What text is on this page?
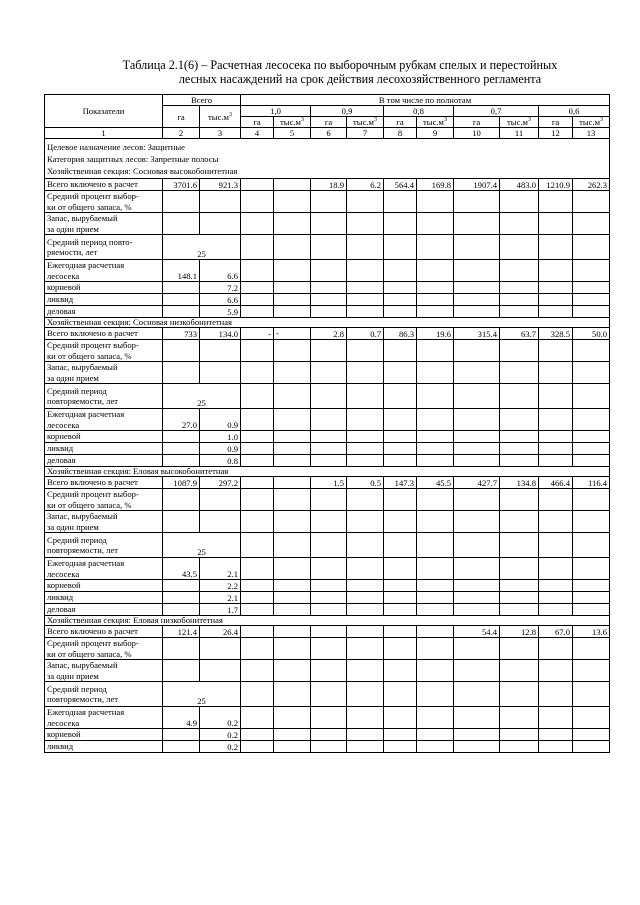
Таблица 2.1(6) – Расчетная лесосека по выборочным рубкам спелых и перестойных
лесных насаждений на срок действия лесохозяйственного регламента
Показатели	Всего		В том числе по полнотам									
	га	$тыс.м^3$	1,0		0,9		0,8		0,7		0,6	
			га	$тыс.м^3$	га	$тыс.м^3$	га	$тыс.м^3$	га	$тыс.м^3$	га	$тыс.м^3$
1	2	3	4	5	6	7	8	9	10	11	12	13

Целевое назначение лесов: Защитные
Категория защитных лесов: Запретные полосы
Хозяйственная секция: Сосновая высокобонитетная												

Всего включено в расчет	3701.6	921.3			18.9	6.2	564.4	169.8	1907.4	483.0	1210.9	262.3

Средний процент выбор-
ки от общего запаса, %												

Запас, вырубаемый
за один прием												

Средний период повто-
ряемости, лет	25											

Ежегодная расчетная
лесосека	148.1	6.6										

корневой		7.2										

ликвид		6.6										

деловая		5.9										
Хозяйственная секция: Сосновая низкобонитетная												

Всего включено в расчет	733	134.0	-	-	2.8	0.7	86.3	19.6	315.4	63.7	328.5	50.0

Средний процент выбор-
ки от общего запаса, %												

Запас, вырубаемый
за один прием												

Средний период
повторяемости, лет	25											

Ежегодная расчетная
лесосека	27.0	0.9										

корневой		1.0										

ликвид		0.9										

деловая		0.8										
Хозяйственная секция: Еловая высокобонитетная												

Всего включено в расчет	1087.9	297.2			1.5	0.5	147.3	45.5	427.7	134.8	466.4	116.4

Средний процент выбор-
ки от общего запаса, %												

Запас, вырубаемый
за один прием												

Средний период
повторяемости, лет	25											

Ежегодная расчетная
лесосека	43.5	2.1										

корневой		2.2										

ликвид		2.1										

деловая		1.7										
Хозяйственная секция: Еловая низкобонитетная												

Всего включено в расчет	121.4	26.4							54.4	12.8	67.0	13.6

Средний процент выбор-
ки от общего запаса, %												

Запас, вырубаемый
за один прием												

Средний период
повторяемости, лет	25											

Ежегодная расчетная
лесосека	4.9	0.2										

корневой		0.2										

ликвид		0.2										
